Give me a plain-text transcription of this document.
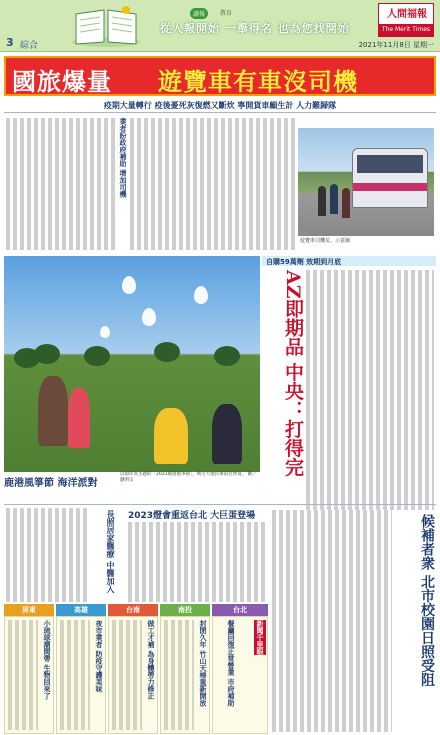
讀報	教育
從人報開始 一舉得名 也為您找開始
人間福報
The Merit Times
3 綜合	2021年11月8日 星期一
國旅爆量 遊覽車有車沒司機
疫期大量轉行 疫後憂死灰復燃又斷炊 寧開貨車顧生計 人力難歸隊
業者盼政府補助 增加司機
遊覽車司機荒。示意圖
鹿港風箏節 海洋派對
以海洋為主題的「2021鹿港風箏節」，吸引大批民眾前往欣賞。 圖／劉明宗
自購59萬劑 效期到月底
AZ即期品 中央：打得完
長照居家醫療 中醫加入 2023燈會重返台北 大巨蛋登場	候補者衆 北市校園日照受阻
屏東	高雄	台南	南投	台北
小琉球潮間帶 生物回來了	夜市業者 防疫守護美味	做工才補 為身體勞力修正	封閉久年 竹山天梯重新開放	餐廳回復正常營業 市府補助	新聞千里眼
